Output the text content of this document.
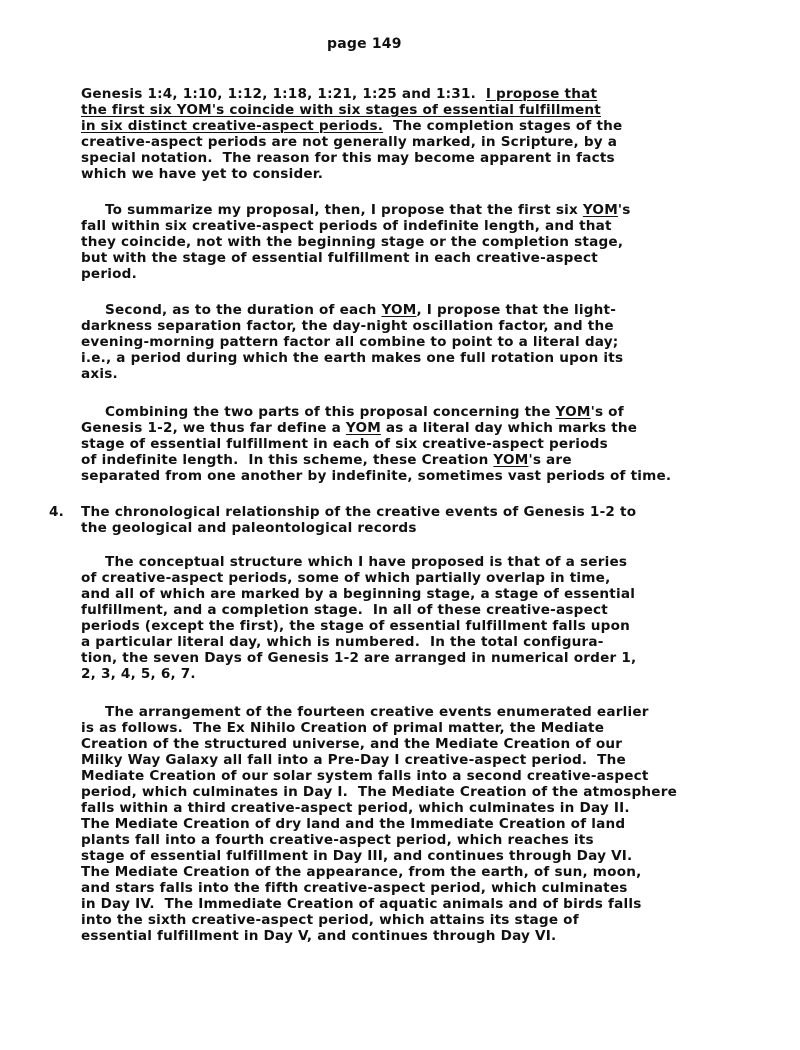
page 149
Genesis 1:4, 1:10, 1:12, 1:18, 1:21, 1:25 and 1:31.  I propose that
the first six YOM's coincide with six stages of essential fulfillment
in six distinct creative-aspect periods.  The completion stages of the
creative-aspect periods are not generally marked, in Scripture, by a
special notation.  The reason for this may become apparent in facts
which we have yet to consider.
To summarize my proposal, then, I propose that the first six YOM's
fall within six creative-aspect periods of indefinite length, and that
they coincide, not with the beginning stage or the completion stage,
but with the stage of essential fulfillment in each creative-aspect
period.
Second, as to the duration of each YOM, I propose that the light-
darkness separation factor, the day-night oscillation factor, and the
evening-morning pattern factor all combine to point to a literal day;
i.e., a period during which the earth makes one full rotation upon its
axis.
Combining the two parts of this proposal concerning the YOM's of
Genesis 1-2, we thus far define a YOM as a literal day which marks the
stage of essential fulfillment in each of six creative-aspect periods
of indefinite length.  In this scheme, these Creation YOM's are
separated from one another by indefinite, sometimes vast periods of time.
4. The chronological relationship of the creative events of Genesis 1-2 to
the geological and paleontological records
The conceptual structure which I have proposed is that of a series
of creative-aspect periods, some of which partially overlap in time,
and all of which are marked by a beginning stage, a stage of essential
fulfillment, and a completion stage.  In all of these creative-aspect
periods (except the first), the stage of essential fulfillment falls upon
a particular literal day, which is numbered.  In the total configura-
tion, the seven Days of Genesis 1-2 are arranged in numerical order 1,
2, 3, 4, 5, 6, 7.
The arrangement of the fourteen creative events enumerated earlier
is as follows.  The Ex Nihilo Creation of primal matter, the Mediate
Creation of the structured universe, and the Mediate Creation of our
Milky Way Galaxy all fall into a Pre-Day I creative-aspect period.  The
Mediate Creation of our solar system falls into a second creative-aspect
period, which culminates in Day I.  The Mediate Creation of the atmosphere
falls within a third creative-aspect period, which culminates in Day II.
The Mediate Creation of dry land and the Immediate Creation of land
plants fall into a fourth creative-aspect period, which reaches its
stage of essential fulfillment in Day III, and continues through Day VI.
The Mediate Creation of the appearance, from the earth, of sun, moon,
and stars falls into the fifth creative-aspect period, which culminates
in Day IV.  The Immediate Creation of aquatic animals and of birds falls
into the sixth creative-aspect period, which attains its stage of
essential fulfillment in Day V, and continues through Day VI.
